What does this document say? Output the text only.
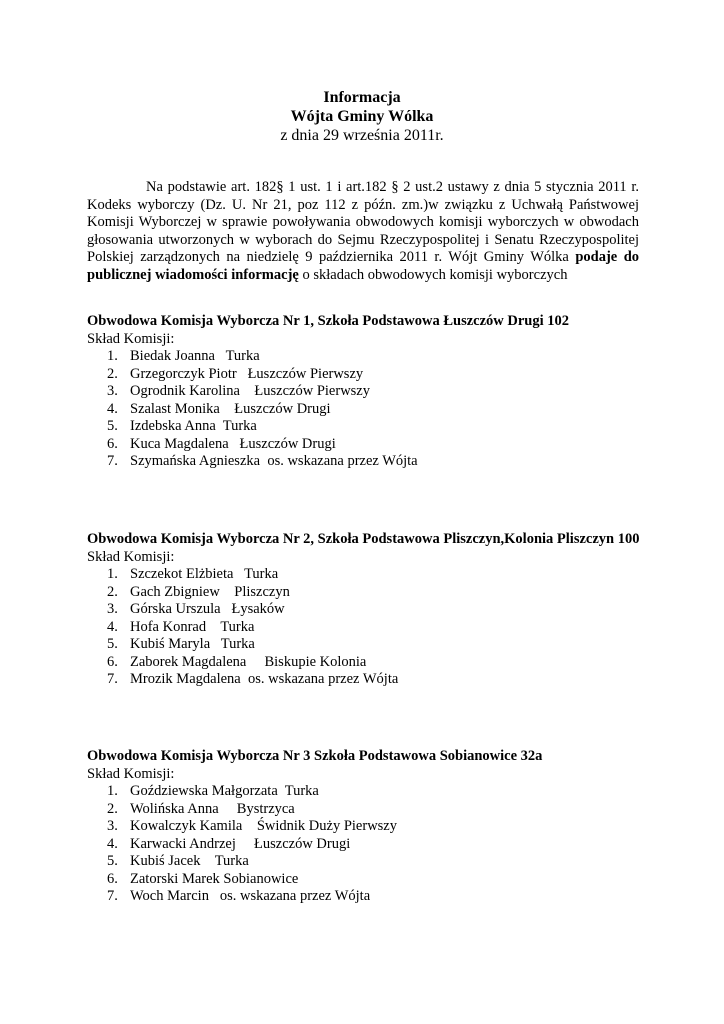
Informacja
Wójta Gminy Wólka
z dnia 29 września 2011r.
Na podstawie art. 182§ 1 ust. 1 i art.182 § 2 ust.2 ustawy z dnia 5 stycznia 2011 r. Kodeks wyborczy (Dz. U. Nr 21, poz 112 z późn. zm.)w związku z Uchwałą Państwowej Komisji Wyborczej w sprawie powoływania obwodowych komisji wyborczych w obwodach głosowania utworzonych w wyborach do Sejmu Rzeczypospolitej i Senatu Rzeczypospolitej Polskiej zarządzonych na niedzielę 9 października 2011 r. Wójt Gminy Wólka podaje do publicznej wiadomości informację o składach obwodowych komisji wyborczych
Obwodowa Komisja Wyborcza Nr 1, Szkoła Podstawowa Łuszczów Drugi 102
Skład Komisji:
1. Biedak Joanna   Turka
2. Grzegorczyk Piotr   Łuszczów Pierwszy
3. Ogrodnik Karolina    Łuszczów Pierwszy
4. Szalast Monika    Łuszczów Drugi
5. Izdebska Anna  Turka
6. Kuca Magdalena   Łuszczów Drugi
7. Szymańska Agnieszka  os. wskazana przez Wójta
Obwodowa Komisja Wyborcza Nr 2, Szkoła Podstawowa Pliszczyn,Kolonia Pliszczyn 100
Skład Komisji:
1. Szczekot Elżbieta   Turka
2. Gach Zbigniew    Pliszczyn
3. Górska Urszula   Łysaków
4. Hofa Konrad    Turka
5. Kubiś Maryla   Turka
6. Zaborek Magdalena     Biskupie Kolonia
7. Mrozik Magdalena  os. wskazana przez Wójta
Obwodowa Komisja Wyborcza Nr 3 Szkoła Podstawowa Sobianowice 32a
Skład Komisji:
1. Goździewska Małgorzata  Turka
2. Wolińska Anna     Bystrzyca
3. Kowalczyk Kamila    Świdnik Duży Pierwszy
4. Karwacki Andrzej     Łuszczów Drugi
5. Kubiś Jacek    Turka
6. Zatorski Marek Sobianowice
7. Woch Marcin   os. wskazana przez Wójta
